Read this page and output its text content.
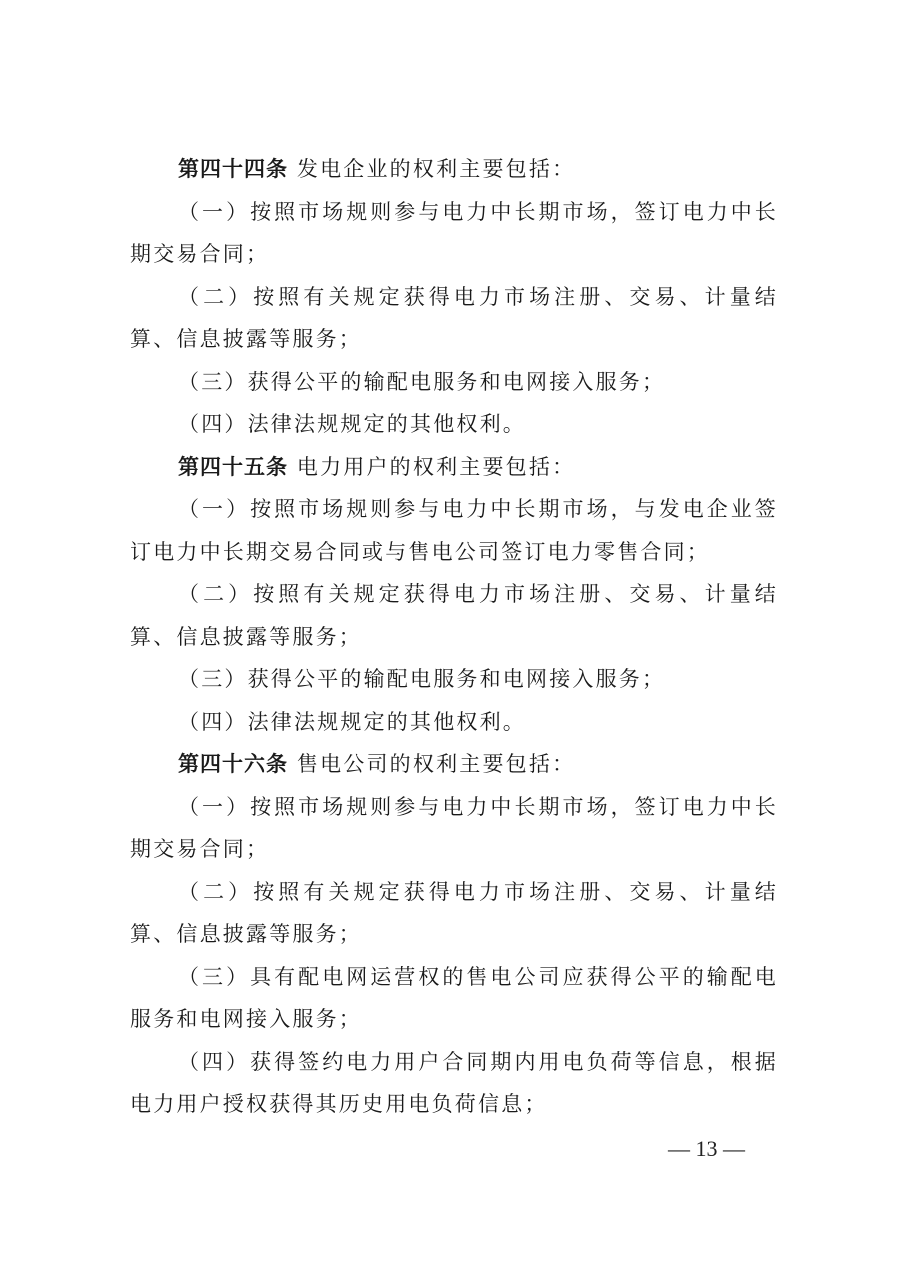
第四十四条 发电企业的权利主要包括：

（一）按照市场规则参与电力中长期市场，签订电力中长期交易合同；

（二）按照有关规定获得电力市场注册、交易、计量结算、信息披露等服务；

（三）获得公平的输配电服务和电网接入服务；

（四）法律法规规定的其他权利。

第四十五条 电力用户的权利主要包括：

（一）按照市场规则参与电力中长期市场，与发电企业签订电力中长期交易合同或与售电公司签订电力零售合同；

（二）按照有关规定获得电力市场注册、交易、计量结算、信息披露等服务；

（三）获得公平的输配电服务和电网接入服务；

（四）法律法规规定的其他权利。

第四十六条 售电公司的权利主要包括：

（一）按照市场规则参与电力中长期市场，签订电力中长期交易合同；

（二）按照有关规定获得电力市场注册、交易、计量结算、信息披露等服务；

（三）具有配电网运营权的售电公司应获得公平的输配电服务和电网接入服务；

（四）获得签约电力用户合同期内用电负荷等信息，根据电力用户授权获得其历史用电负荷信息；

— 13 —
